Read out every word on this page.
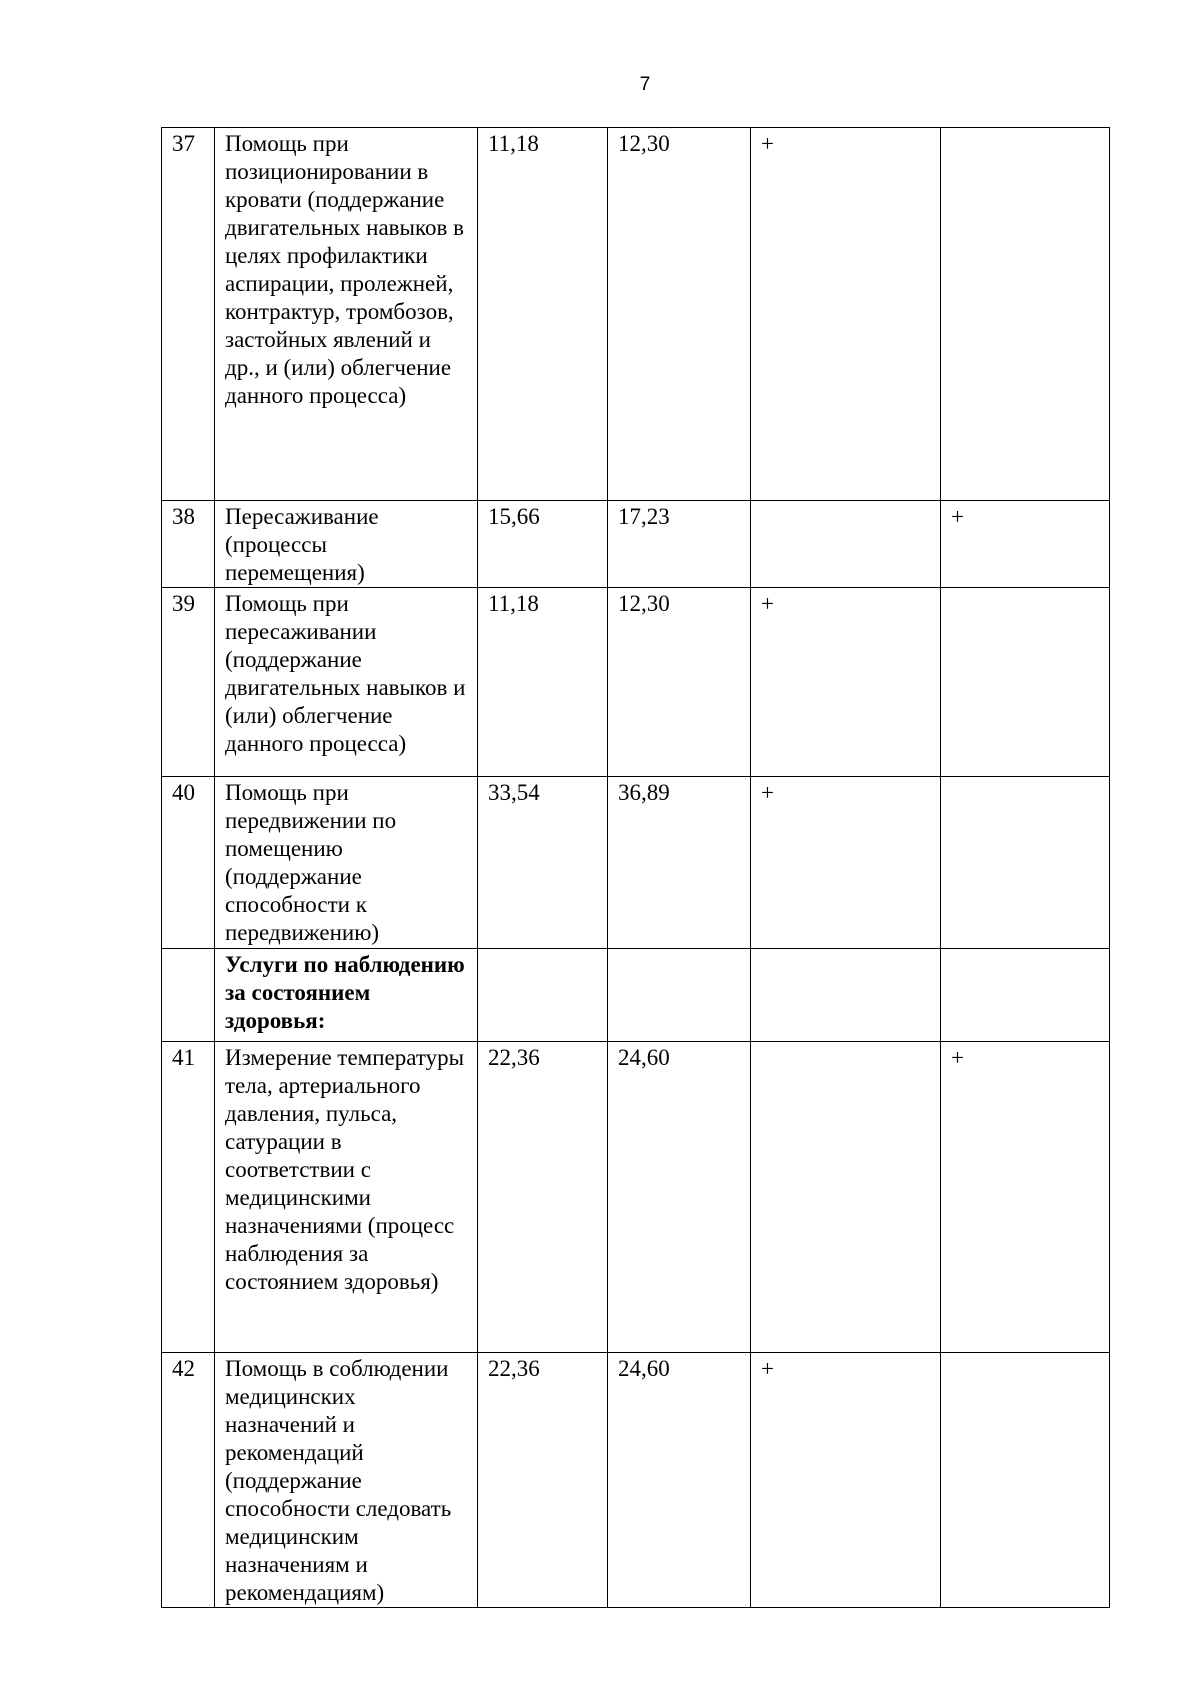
7
37	Помощь при позиционировании в кровати (поддержание двигательных навыков в целях профилактики аспирации, пролежней, контрактур, тромбозов, застойных явлений и др., и (или) облегчение данного процесса)	11,18	12,30	+	
38	Пересаживание (процессы перемещения)	15,66	17,23		+
39	Помощь при пересаживании (поддержание двигательных навыков и (или) облегчение данного процесса)	11,18	12,30	+	
40	Помощь при передвижении по помещению (поддержание способности к передвижению)	33,54	36,89	+	
	Услуги по наблюдению за состоянием здоровья:				
41	Измерение температуры тела, артериального давления, пульса, сатурации в соответствии с медицинскими назначениями (процесс наблюдения за состоянием здоровья)	22,36	24,60		+
42	Помощь в соблюдении медицинских назначений и рекомендаций (поддержание способности следовать медицинским назначениям и рекомендациям)	22,36	24,60	+	
